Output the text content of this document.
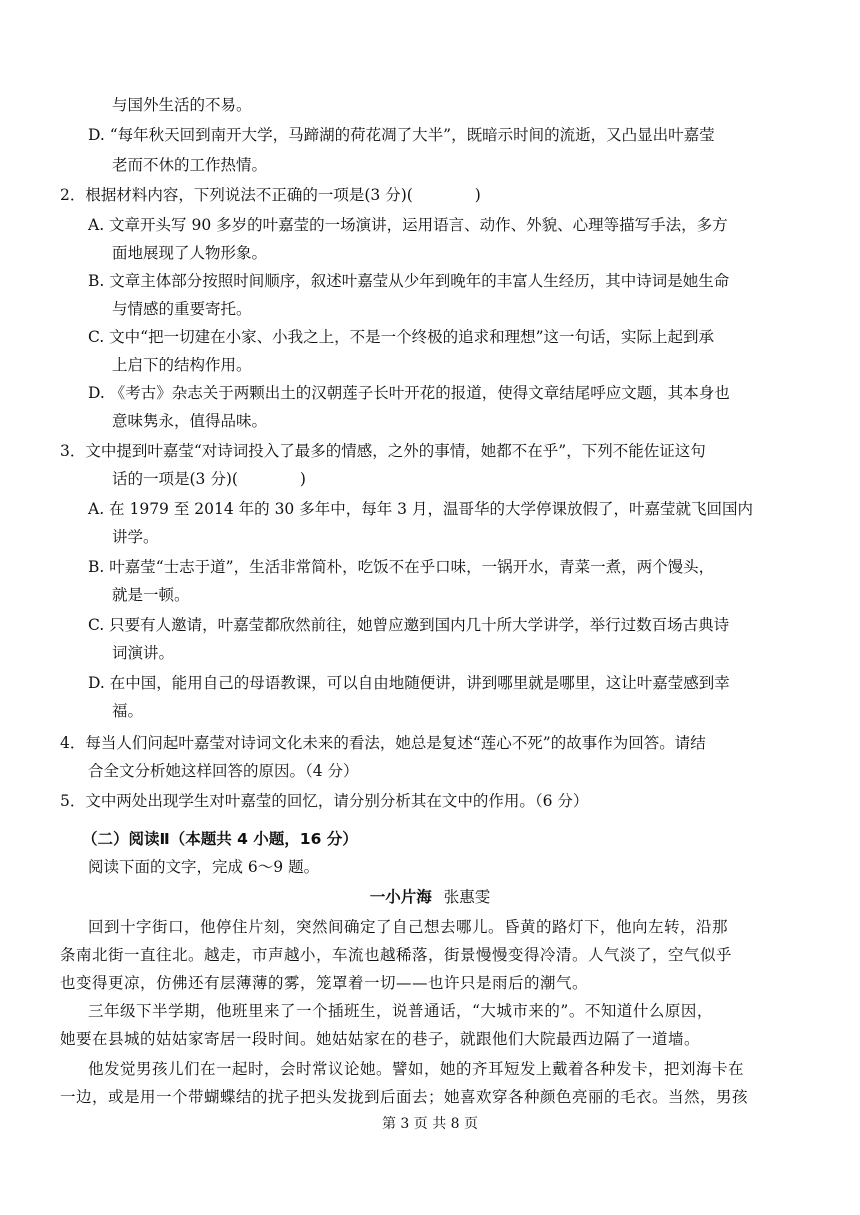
与国外生活的不易。
D. “每年秋天回到南开大学，马蹄湖的荷花凋了大半”，既暗示时间的流逝，又凸显出叶嘉莹
老而不休的工作热情。
2．根据材料内容，下列说法不正确的一项是(3 分)(　　　　)
A. 文章开头写 90 多岁的叶嘉莹的一场演讲，运用语言、动作、外貌、心理等描写手法，多方
面地展现了人物形象。
B. 文章主体部分按照时间顺序，叙述叶嘉莹从少年到晚年的丰富人生经历，其中诗词是她生命
与情感的重要寄托。
C. 文中“把一切建在小家、小我之上，不是一个终极的追求和理想”这一句话，实际上起到承
上启下的结构作用。
D. 《考古》杂志关于两颗出土的汉朝莲子长叶开花的报道，使得文章结尾呼应文题，其本身也
意味隽永，值得品味。
3．文中提到叶嘉莹“对诗词投入了最多的情感，之外的事情，她都不在乎”，下列不能佐证这句
话的一项是(3 分)(　　　　)
A. 在 1979 至 2014 年的 30 多年中，每年 3 月，温哥华的大学停课放假了，叶嘉莹就飞回国内
讲学。
B. 叶嘉莹“士志于道”，生活非常简朴，吃饭不在乎口味，一锅开水，青菜一煮，两个馒头，
就是一顿。
C. 只要有人邀请，叶嘉莹都欣然前往，她曾应邀到国内几十所大学讲学，举行过数百场古典诗
词演讲。
D. 在中国，能用自己的母语教课，可以自由地随便讲，讲到哪里就是哪里，这让叶嘉莹感到幸
福。
4．每当人们问起叶嘉莹对诗词文化未来的看法，她总是复述“莲心不死”的故事作为回答。请结
合全文分析她这样回答的原因。（4 分）
5．文中两处出现学生对叶嘉莹的回忆，请分别分析其在文中的作用。（6 分）
（二）阅读Ⅱ（本题共 4 小题，16 分）
阅读下面的文字，完成 6～9 题。
一小片海 张惠雯
回到十字街口，他停住片刻，突然间确定了自己想去哪儿。昏黄的路灯下，他向左转，沿那
条南北街一直往北。越走，市声越小，车流也越稀落，街景慢慢变得冷清。人气淡了，空气似乎
也变得更凉，仿佛还有层薄薄的雾，笼罩着一切——也许只是雨后的潮气。
三年级下半学期，他班里来了一个插班生，说普通话，“大城市来的”。不知道什么原因，
她要在县城的姑姑家寄居一段时间。她姑姑家在的巷子，就跟他们大院最西边隔了一道墙。
他发觉男孩儿们在一起时，会时常议论她。譬如，她的齐耳短发上戴着各种发卡，把刘海卡在
一边，或是用一个带蝴蝶结的扰子把头发拢到后面去；她喜欢穿各种颜色亮丽的毛衣。当然，男孩
第 3 页 共 8 页
